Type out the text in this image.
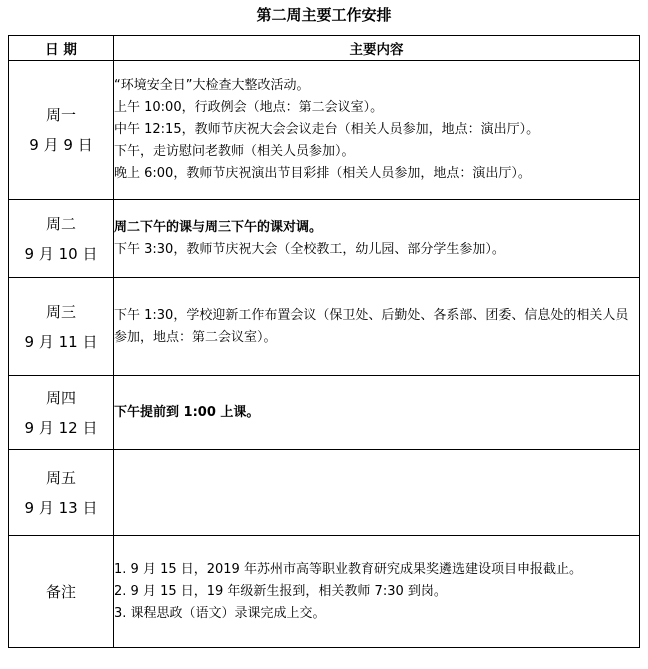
第二周主要工作安排
日 期	主要内容

周一
9 月 9 日	“环境安全日”大检查大整改活动。
上午 10:00，行政例会（地点：第二会议室）。
中午 12:15，教师节庆祝大会会议走台（相关人员参加，地点：演出厅）。
下午，走访慰问老教师（相关人员参加）。
晚上 6:00，教师节庆祝演出节目彩排（相关人员参加，地点：演出厅）。

周二
9 月 10 日	周二下午的课与周三下午的课对调。
下午 3:30，教师节庆祝大会（全校教工，幼儿园、部分学生参加）。

周三
9 月 11 日	下午 1:30，学校迎新工作布置会议（保卫处、后勤处、各系部、团委、信息处的相关人员参加，地点：第二会议室）。

周四
9 月 12 日	下午提前到 1:00 上课。

周五
9 月 13 日	

备注	1. 9 月 15 日，2019 年苏州市高等职业教育研究成果奖遴选建设项目申报截止。
2. 9 月 15 日，19 年级新生报到，相关教师 7:30 到岗。
3. 课程思政（语文）录课完成上交。
